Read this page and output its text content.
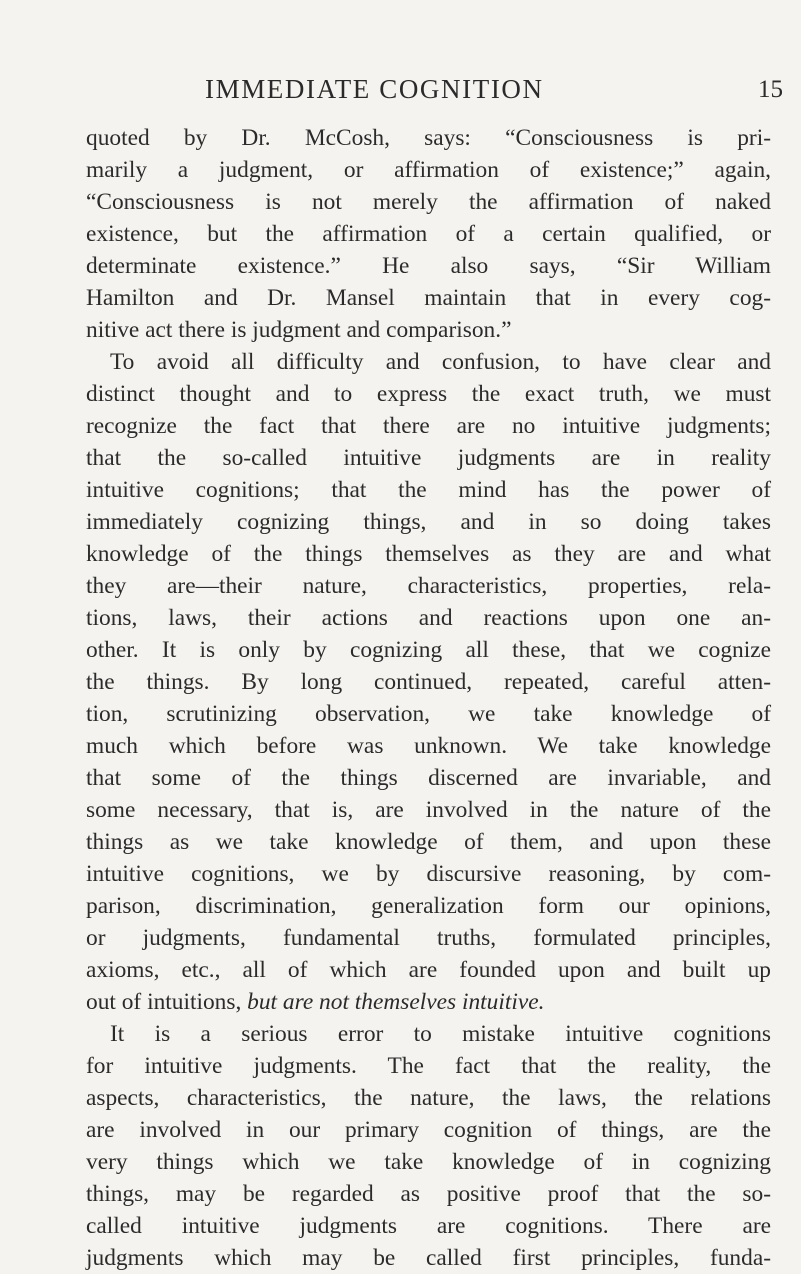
IMMEDIATE COGNITION	15
quoted by Dr. McCosh, says: “Consciousness is pri-
marily a judgment, or affirmation of existence;” again,
“Consciousness is not merely the affirmation of naked
existence, but the affirmation of a certain qualified, or
determinate existence.” He also says, “Sir William
Hamilton and Dr. Mansel maintain that in every cog-
nitive act there is judgment and comparison.”
To avoid all difficulty and confusion, to have clear and
distinct thought and to express the exact truth, we must
recognize the fact that there are no intuitive judgments;
that the so-called intuitive judgments are in reality
intuitive cognitions; that the mind has the power of
immediately cognizing things, and in so doing takes
knowledge of the things themselves as they are and what
they are—their nature, characteristics, properties, rela-
tions, laws, their actions and reactions upon one an-
other. It is only by cognizing all these, that we cognize
the things. By long continued, repeated, careful atten-
tion, scrutinizing observation, we take knowledge of
much which before was unknown. We take knowledge
that some of the things discerned are invariable, and
some necessary, that is, are involved in the nature of the
things as we take knowledge of them, and upon these
intuitive cognitions, we by discursive reasoning, by com-
parison, discrimination, generalization form our opinions,
or judgments, fundamental truths, formulated principles,
axioms, etc., all of which are founded upon and built up
out of intuitions, but are not themselves intuitive.
It is a serious error to mistake intuitive cognitions
for intuitive judgments. The fact that the reality, the
aspects, characteristics, the nature, the laws, the relations
are involved in our primary cognition of things, are the
very things which we take knowledge of in cognizing
things, may be regarded as positive proof that the so-
called intuitive judgments are cognitions. There are
judgments which may be called first principles, funda-
